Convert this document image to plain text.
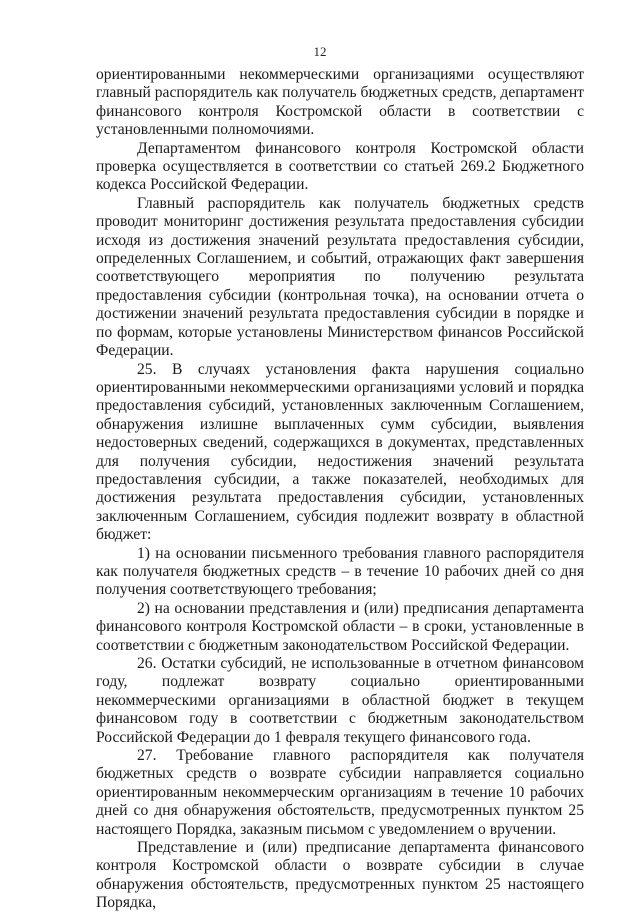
12

ориентированными некоммерческими организациями осуществляют главный распорядитель как получатель бюджетных средств, департамент финансового контроля Костромской области в соответствии с установленными полномочиями.

Департаментом финансового контроля Костромской области проверка осуществляется в соответствии со статьей 269.2 Бюджетного кодекса Российской Федерации.

Главный распорядитель как получатель бюджетных средств проводит мониторинг достижения результата предоставления субсидии исходя из достижения значений результата предоставления субсидии, определенных Соглашением, и событий, отражающих факт завершения соответствующего мероприятия по получению результата предоставления субсидии (контрольная точка), на основании отчета о достижении значений результата предоставления субсидии в порядке и по формам, которые установлены Министерством финансов Российской Федерации.

25. В случаях установления факта нарушения социально ориентированными некоммерческими организациями условий и порядка предоставления субсидий, установленных заключенным Соглашением, обнаружения излишне выплаченных сумм субсидии, выявления недостоверных сведений, содержащихся в документах, представленных для получения субсидии, недостижения значений результата предоставления субсидии, а также показателей, необходимых для достижения результата предоставления субсидии, установленных заключенным Соглашением, субсидия подлежит возврату в областной бюджет:

1) на основании письменного требования главного распорядителя как получателя бюджетных средств – в течение 10 рабочих дней со дня получения соответствующего требования;

2) на основании представления и (или) предписания департамента финансового контроля Костромской области – в сроки, установленные в соответствии с бюджетным законодательством Российской Федерации.

26. Остатки субсидий, не использованные в отчетном финансовом году, подлежат возврату социально ориентированными некоммерческими организациями в областной бюджет в текущем финансовом году в соответствии с бюджетным законодательством Российской Федерации до 1 февраля текущего финансового года.

27. Требование главного распорядителя как получателя бюджетных средств о возврате субсидии направляется социально ориентированным некоммерческим организациям в течение 10 рабочих дней со дня обнаружения обстоятельств, предусмотренных пунктом 25 настоящего Порядка, заказным письмом с уведомлением о вручении.

Представление и (или) предписание департамента финансового контроля Костромской области о возврате субсидии в случае обнаружения обстоятельств, предусмотренных пунктом 25 настоящего Порядка,
